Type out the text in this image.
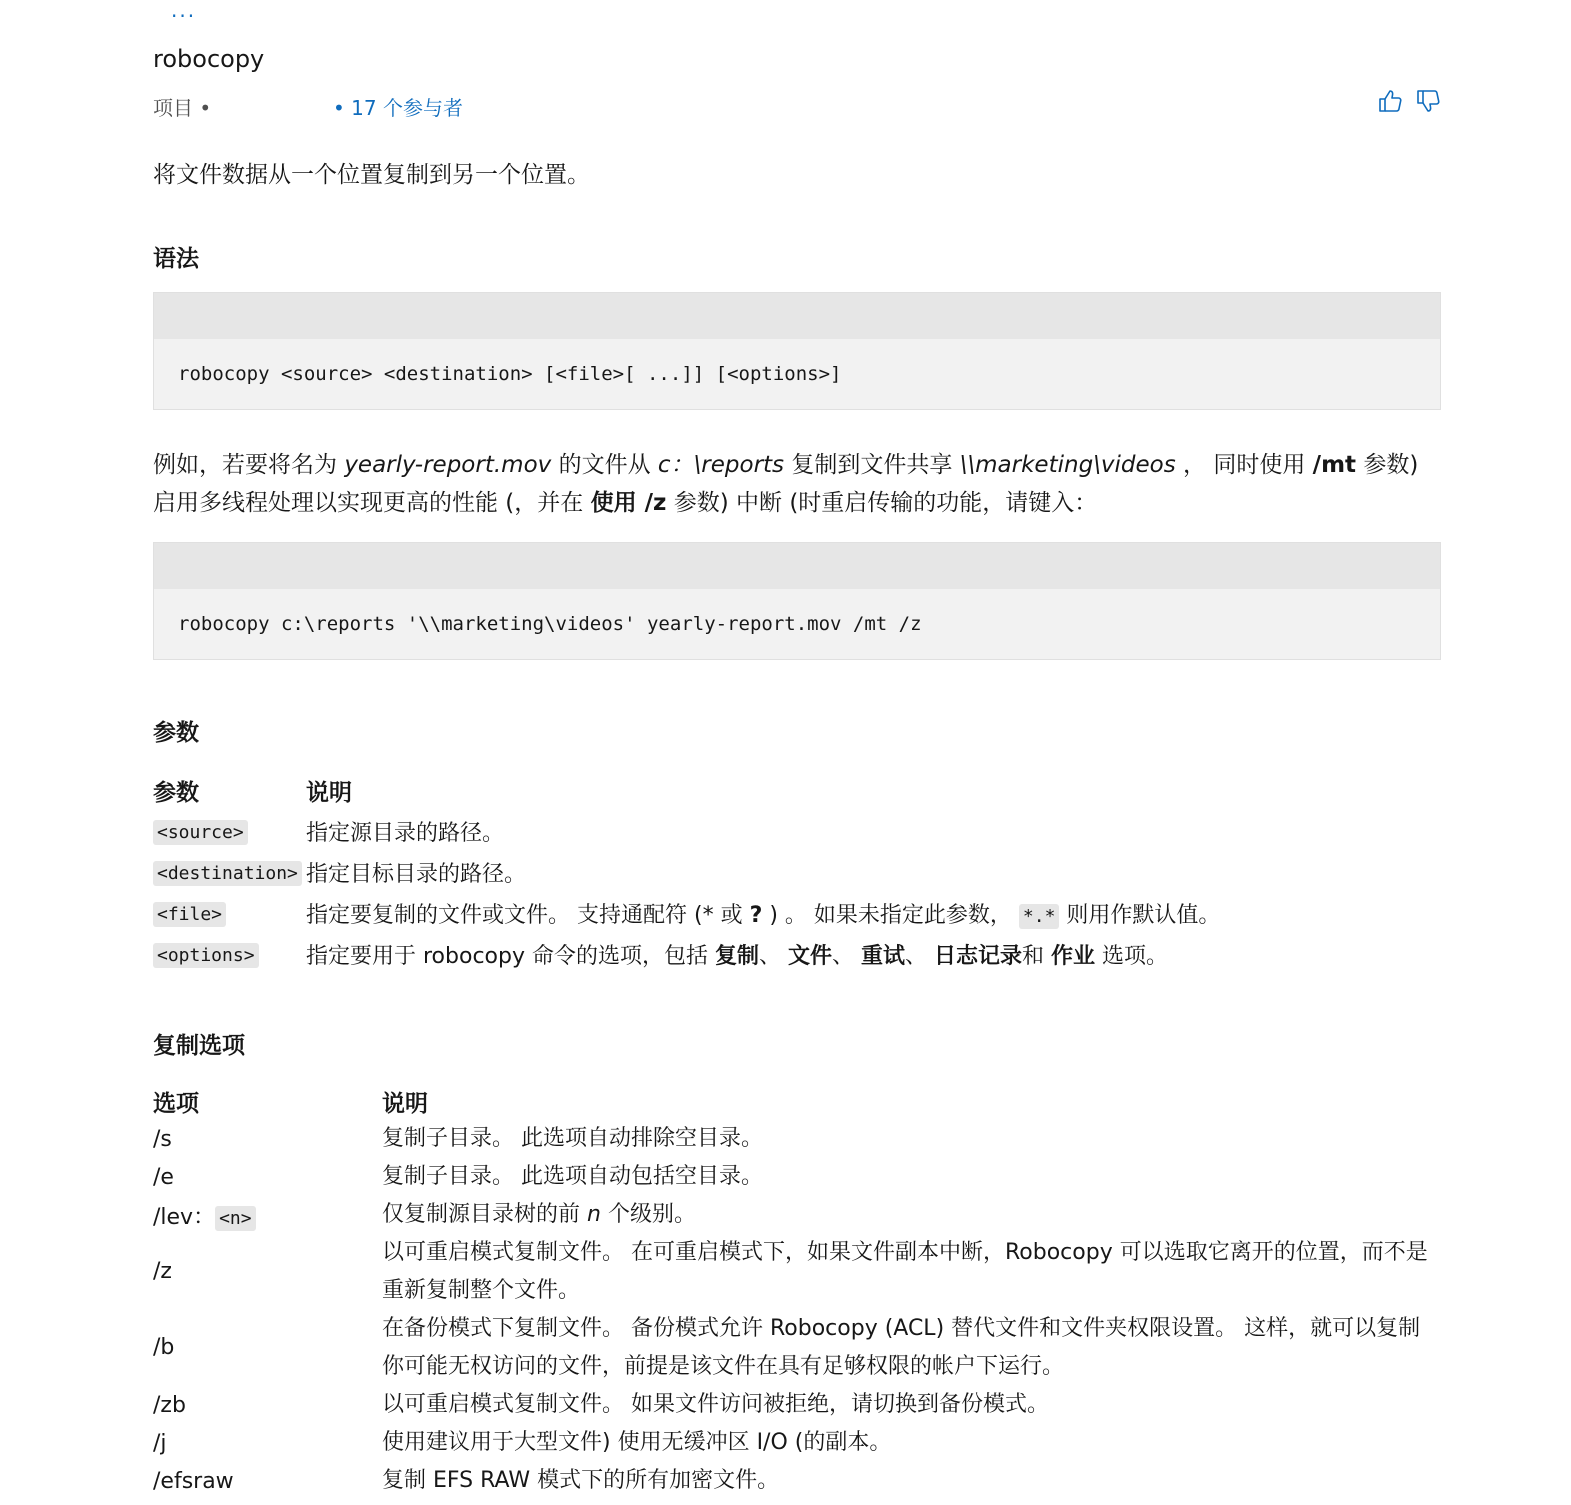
...
robocopy
项目 •	• 17 个参与者

将文件数据从一个位置复制到另一个位置。

语法
robocopy <source> <destination> [<file>[ ...]] [<options>]

例如，若要将名为 yearly-report.mov 的文件从 c：\reports 复制到文件共享 \\marketing\videos ， 同时使用 /mt 参数) 启用多线程处理以实现更高的性能 (，并在 使用 /z 参数) 中断 (时重启传输的功能，请键入：

robocopy c:\reports '\\marketing\videos' yearly-report.mov /mt /z
参数
参数	说明
<source>	指定源目录的路径。
<destination>	指定目标目录的路径。
<file>	指定要复制的文件或文件。 支持通配符 (* 或 ? ) 。 如果未指定此参数， *.* 则用作默认值。
<options>	指定要用于 robocopy 命令的选项，包括 复制、 文件、 重试、 日志记录和 作业 选项。
复制选项
选项	说明
/s	复制子目录。 此选项自动排除空目录。
/e	复制子目录。 此选项自动包括空目录。
/lev： <n>	仅复制源目录树的前 n 个级别。
/z	以可重启模式复制文件。 在可重启模式下，如果文件副本中断，Robocopy 可以选取它离开的位置，而不是重新复制整个文件。
/b	在备份模式下复制文件。 备份模式允许 Robocopy (ACL) 替代文件和文件夹权限设置。 这样，就可以复制你可能无权访问的文件，前提是该文件在具有足够权限的帐户下运行。
/zb	以可重启模式复制文件。 如果文件访问被拒绝，请切换到备份模式。
/j	使用建议用于大型文件) 使用无缓冲区 I/O (的副本。
/efsraw	复制 EFS RAW 模式下的所有加密文件。
